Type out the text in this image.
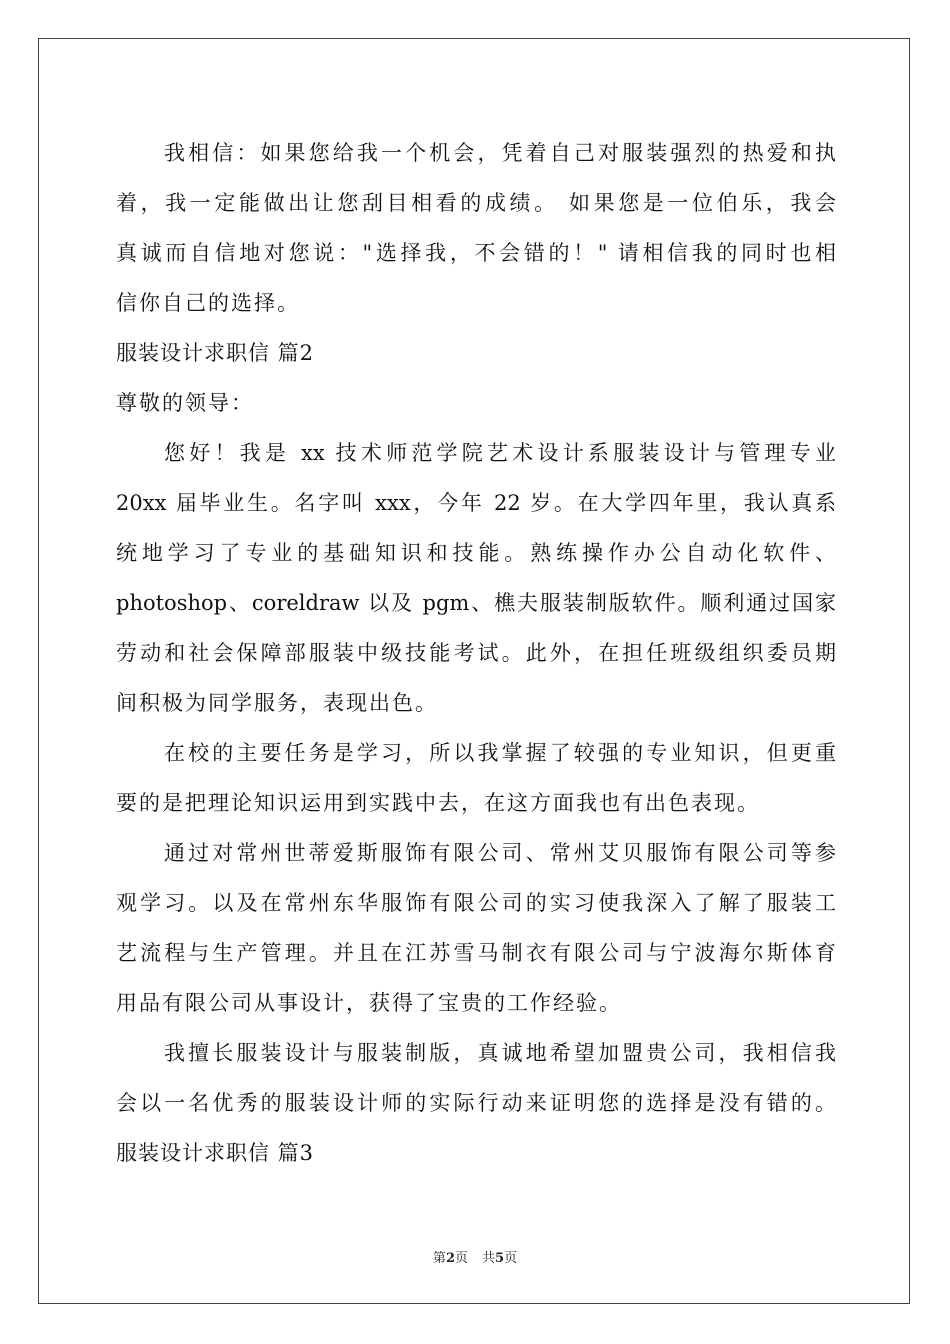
我相信：如果您给我一个机会，凭着自己对服装强烈的热爱和执
着，我一定能做出让您刮目相看的成绩。 如果您是一位伯乐，我会
真诚而自信地对您说："选择我，不会错的！" 请相信我的同时也相
信你自己的选择。
服装设计求职信 篇2
尊敬的领导：
您好！我是 xx 技术师范学院艺术设计系服装设计与管理专业
20xx 届毕业生。名字叫 xxx，今年 22 岁。在大学四年里，我认真系
统地学习了专业的基础知识和技能。熟练操作办公自动化软件、
photoshop、coreldraw 以及 pgm、樵夫服装制版软件。顺利通过国家
劳动和社会保障部服装中级技能考试。此外，在担任班级组织委员期
间积极为同学服务，表现出色。
在校的主要任务是学习，所以我掌握了较强的专业知识，但更重
要的是把理论知识运用到实践中去，在这方面我也有出色表现。
通过对常州世蒂爱斯服饰有限公司、常州艾贝服饰有限公司等参
观学习。以及在常州东华服饰有限公司的实习使我深入了解了服装工
艺流程与生产管理。并且在江苏雪马制衣有限公司与宁波海尔斯体育
用品有限公司从事设计，获得了宝贵的工作经验。
我擅长服装设计与服装制版，真诚地希望加盟贵公司，我相信我
会以一名优秀的服装设计师的实际行动来证明您的选择是没有错的。
服装设计求职信 篇3
第2页 共5页
